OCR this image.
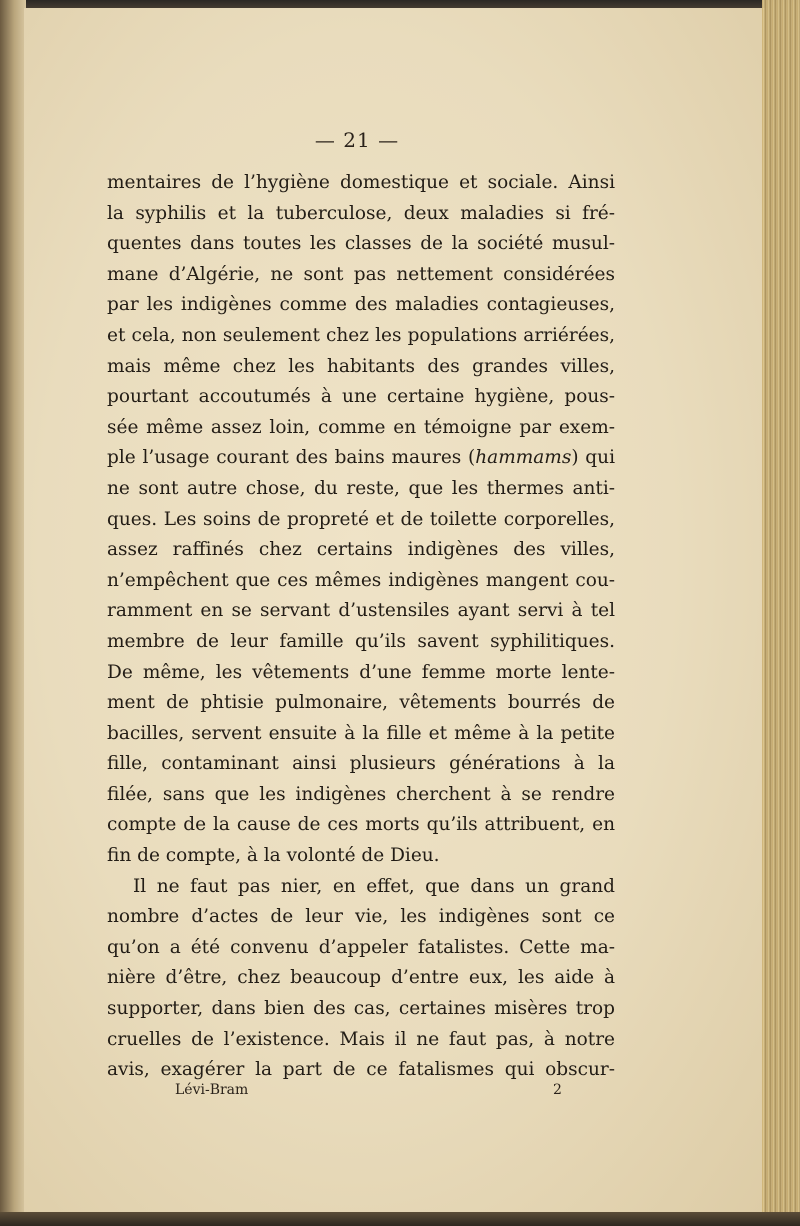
— 21 —
mentaires de l’hygiène domestique et sociale. Ainsi
la syphilis et la tuberculose, deux maladies si fré-
quentes dans toutes les classes de la société musul-
mane d’Algérie, ne sont pas nettement considérées
par les indigènes comme des maladies contagieuses,
et cela, non seulement chez les populations arriérées,
mais même chez les habitants des grandes villes,
pourtant accoutumés à une certaine hygiène, pous-
sée même assez loin, comme en témoigne par exem-
ple l’usage courant des bains maures (hammams) qui
ne sont autre chose, du reste, que les thermes anti-
ques. Les soins de propreté et de toilette corporelles,
assez raffinés chez certains indigènes des villes,
n’empêchent que ces mêmes indigènes mangent cou-
ramment en se servant d’ustensiles ayant servi à tel
membre de leur famille qu’ils savent syphilitiques.
De même, les vêtements d’une femme morte lente-
ment de phtisie pulmonaire, vêtements bourrés de
bacilles, servent ensuite à la fille et même à la petite
fille, contaminant ainsi plusieurs générations à la
filée, sans que les indigènes cherchent à se rendre
compte de la cause de ces morts qu’ils attribuent, en
fin de compte, à la volonté de Dieu.
Il ne faut pas nier, en effet, que dans un grand
nombre d’actes de leur vie, les indigènes sont ce
qu’on a été convenu d’appeler fatalistes. Cette ma-
nière d’être, chez beaucoup d’entre eux, les aide à
supporter, dans bien des cas, certaines misères trop
cruelles de l’existence. Mais il ne faut pas, à notre
avis, exagérer la part de ce fatalismes qui obscur-
Lévi-Bram	2
